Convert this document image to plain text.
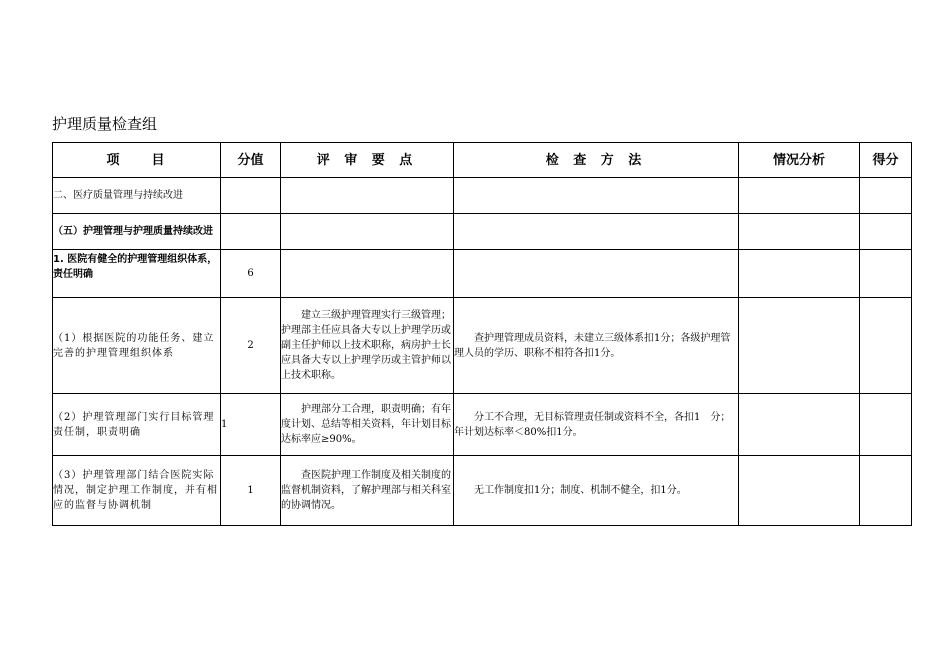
护理质量检查组
项　　目	分值	评 审 要 点	检 查 方 法	情况分析	得分
二、医疗质量管理与持续改进					
（五）护理管理与护理质量持续改进					
1. 医院有健全的护理管理组织体系，责任明确	6				
（1）根据医院的功能任务、建立完善的护理管理组织体系	2	建立三级护理管理实行三级管理；护理部主任应具备大专以上护理学历或副主任护师以上技术职称，病房护士长应具备大专以上护理学历或主管护师以上技术职称。	查护理管理成员资料，未建立三级体系扣1分；各级护理管理人员的学历、职称不相符各扣1分。		
（2）护理管理部门实行目标管理责任制，职责明确	1	护理部分工合理，职责明确；有年度计划、总结等相关资料，年计划目标达标率应≥90%。	分工不合理，无目标管理责任制或资料不全，各扣1　分；年计划达标率＜80%扣1分。		
（3）护理管理部门结合医院实际情况，制定护理工作制度，并有相应的监督与协调机制	1	查医院护理工作制度及相关制度的监督机制资料，了解护理部与相关科室的协调情况。	无工作制度扣1分；制度、机制不健全，扣1分。		
